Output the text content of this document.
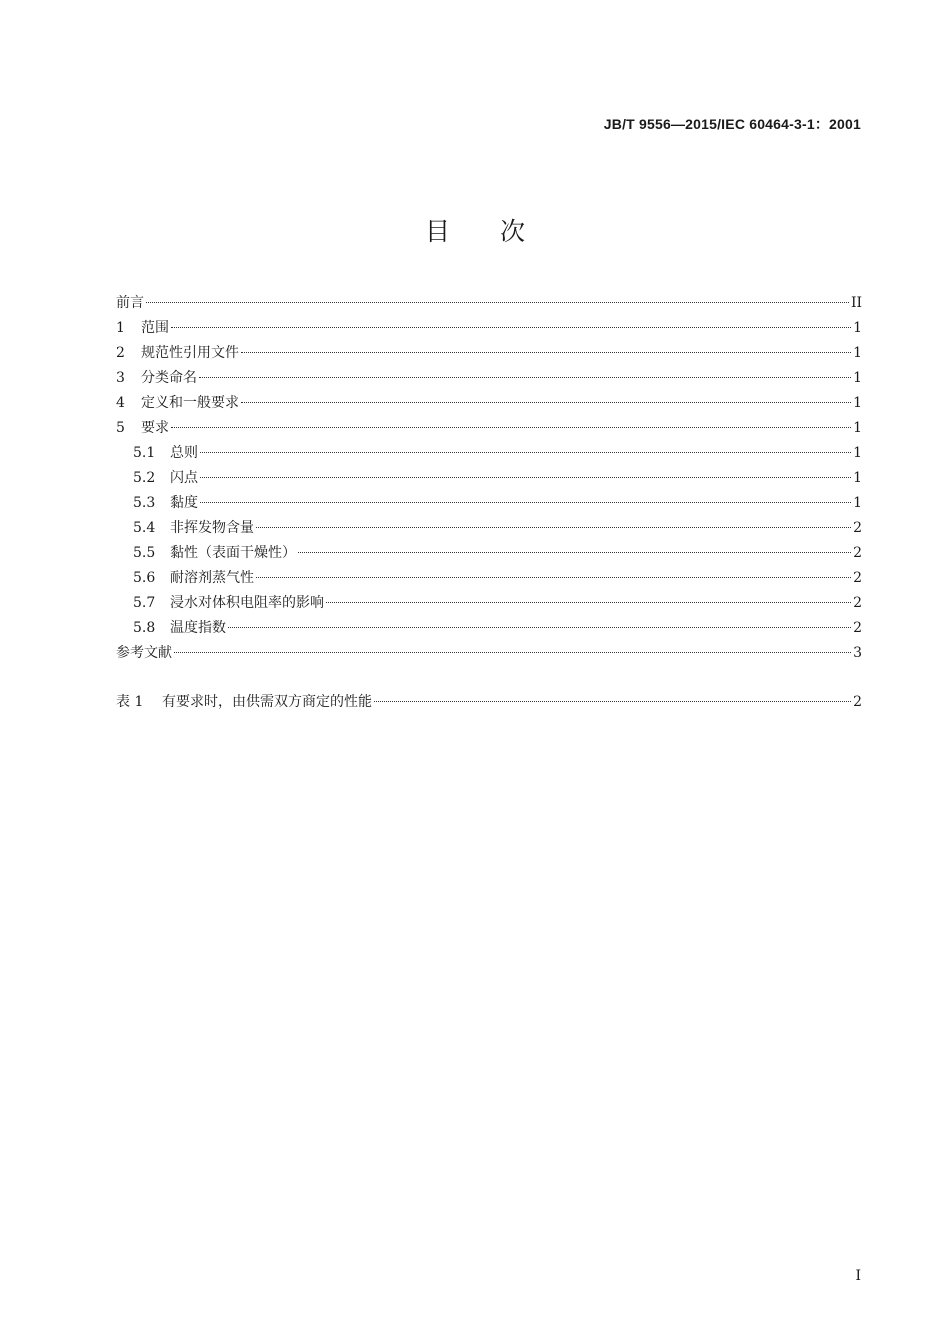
JB/T 9556—2015/IEC 60464-3-1：2001
目次
前言	II
1	范围	1
2	规范性引用文件	1
3	分类命名	1
4	定义和一般要求	1
5	要求	1
5.1	总则	1
5.2	闪点	1
5.3	黏度	1
5.4	非挥发物含量	2
5.5	黏性（表面干燥性）	2
5.6	耐溶剂蒸气性	2
5.7	浸水对体积电阻率的影响	2
5.8	温度指数	2
参考文献	3
表 1	有要求时，由供需双方商定的性能	2
I
